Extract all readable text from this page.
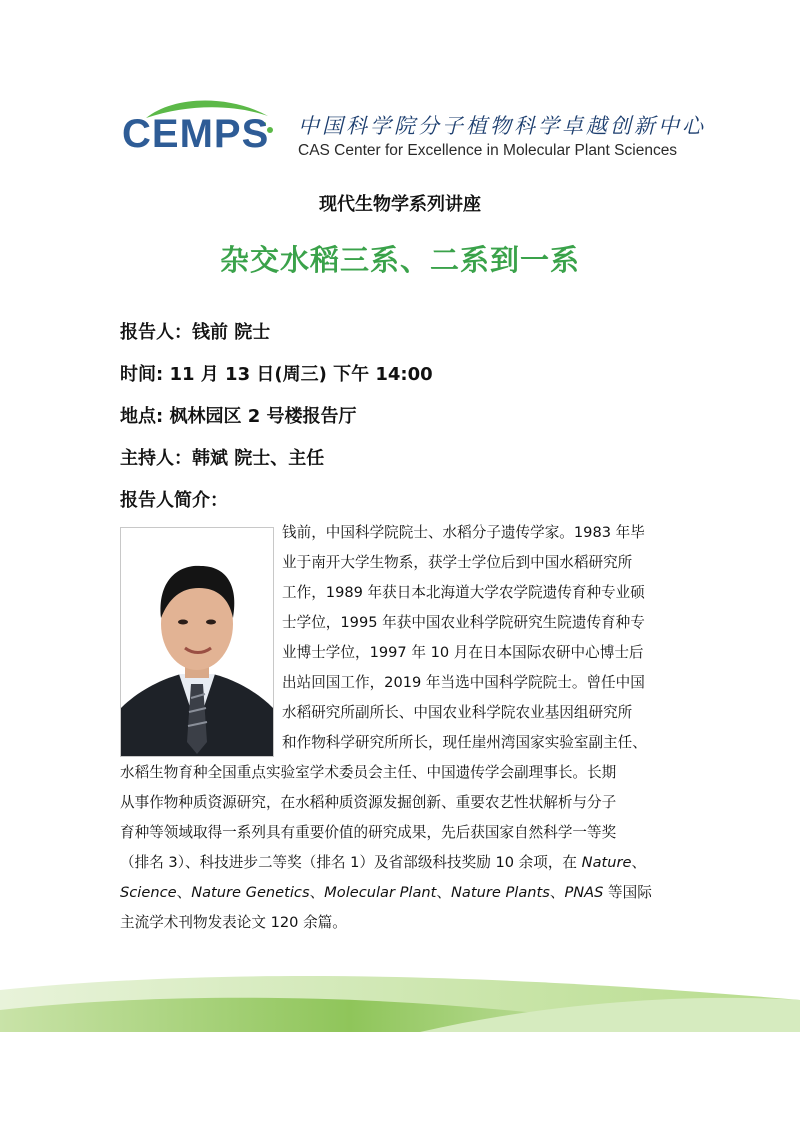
CEMPS 中国科学院分子植物科学卓越创新中心
CAS Center for Excellence in Molecular Plant Sciences
现代生物学系列讲座
杂交水稻三系、二系到一系
报告人：钱前 院士
时间: 11 月 13 日(周三) 下午 14:00
地点: 枫林园区 2 号楼报告厅
主持人：韩斌 院士、主任
报告人简介：
钱前，中国科学院院士、水稻分子遗传学家。1983 年毕
业于南开大学生物系，获学士学位后到中国水稻研究所
工作，1989 年获日本北海道大学农学院遗传育种专业硕
士学位，1995 年获中国农业科学院研究生院遗传育种专
业博士学位，1997 年 10 月在日本国际农研中心博士后
出站回国工作，2019 年当选中国科学院院士。曾任中国
水稻研究所副所长、中国农业科学院农业基因组研究所
和作物科学研究所所长，现任崖州湾国家实验室副主任、
水稻生物育种全国重点实验室学术委员会主任、中国遗传学会副理事长。长期
从事作物种质资源研究，在水稻种质资源发掘创新、重要农艺性状解析与分子
育种等领域取得一系列具有重要价值的研究成果，先后获国家自然科学一等奖
（排名 3）、科技进步二等奖（排名 1）及省部级科技奖励 10 余项，在 Nature、
Science、Nature Genetics、Molecular Plant、Nature Plants、PNAS 等国际
主流学术刊物发表论文 120 余篇。
